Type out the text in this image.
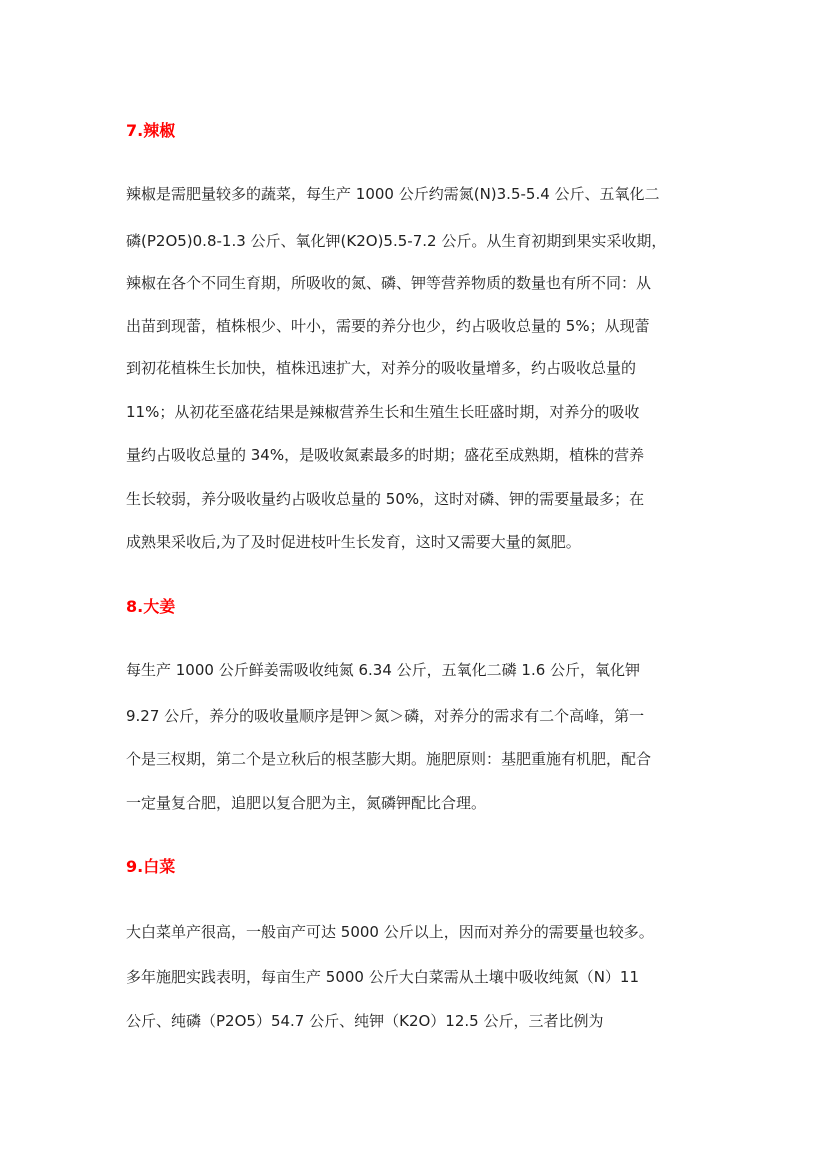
7.辣椒

辣椒是需肥量较多的蔬菜，每生产 1000 公斤约需氮(N)3.5-5.4 公斤、五氧化二

磷(P2O5)0.8-1.3 公斤、氧化钾(K2O)5.5-7.2 公斤。从生育初期到果实采收期，

辣椒在各个不同生育期，所吸收的氮、磷、钾等营养物质的数量也有所不同：从

出苗到现蕾，植株根少、叶小，需要的养分也少，约占吸收总量的 5%；从现蕾

到初花植株生长加快，植株迅速扩大，对养分的吸收量增多，约占吸收总量的

11%；从初花至盛花结果是辣椒营养生长和生殖生长旺盛时期，对养分的吸收

量约占吸收总量的 34%，是吸收氮素最多的时期；盛花至成熟期，植株的营养

生长较弱，养分吸收量约占吸收总量的 50%，这时对磷、钾的需要量最多；在

成熟果采收后,为了及时促进枝叶生长发育，这时又需要大量的氮肥。

8.大姜

每生产 1000 公斤鲜姜需吸收纯氮 6.34 公斤，五氧化二磷 1.6 公斤，氧化钾

9.27 公斤，养分的吸收量顺序是钾＞氮＞磷，对养分的需求有二个高峰，第一

个是三杈期，第二个是立秋后的根茎膨大期。施肥原则：基肥重施有机肥，配合

一定量复合肥，追肥以复合肥为主，氮磷钾配比合理。

9.白菜

大白菜单产很高，一般亩产可达 5000 公斤以上，因而对养分的需要量也较多。

多年施肥实践表明，每亩生产 5000 公斤大白菜需从土壤中吸收纯氮（N）11

公斤、纯磷（P2O5）54.7 公斤、纯钾（K2O）12.5 公斤，三者比例为
